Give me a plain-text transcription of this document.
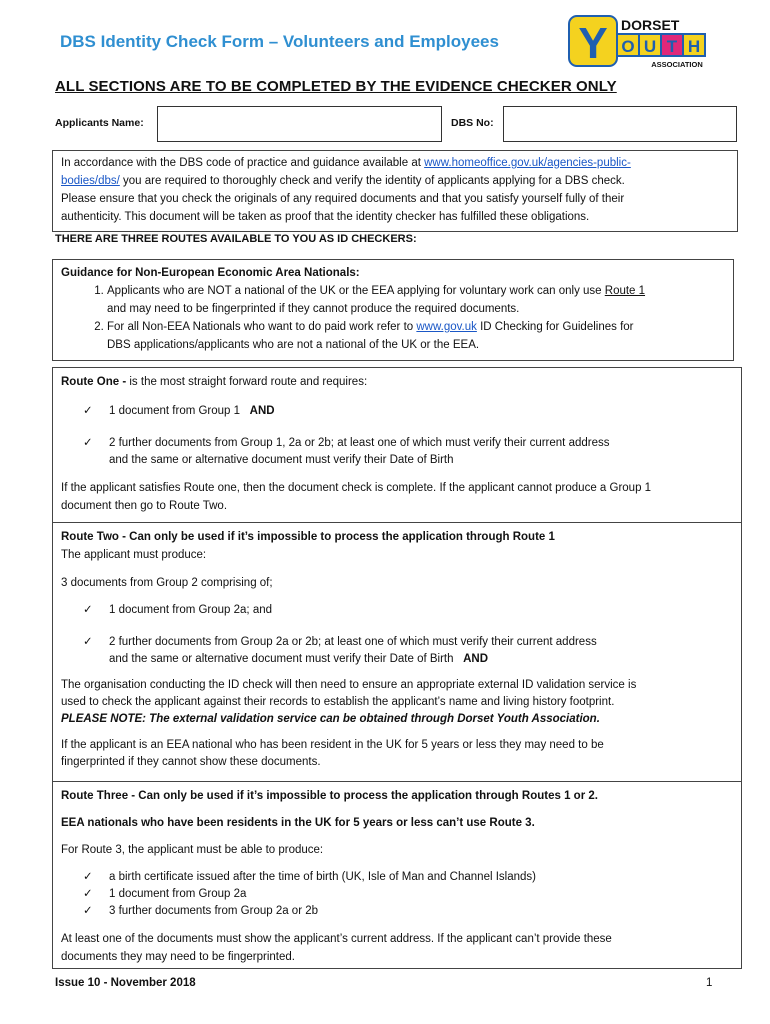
DBS Identity Check Form – Volunteers and Employees Y DORSET
O U T H
ASSOCIATION
ALL SECTIONS ARE TO BE COMPLETED BY THE EVIDENCE CHECKER ONLY
Applicants Name:	DBS No:

In accordance with the DBS code of practice and guidance available at www.homeoffice.gov.uk/agencies-public-

bodies/dbs/ you are required to thoroughly check and verify the identity of applicants applying for a DBS check.

Please ensure that you check the originals of any required documents and that you satisfy yourself fully of their

authenticity. This document will be taken as proof that the identity checker has fulfilled these obligations.

THERE ARE THREE ROUTES AVAILABLE TO YOU AS ID CHECKERS:

Guidance for Non-European Economic Area Nationals:

1. Applicants who are NOT a national of the UK or the EEA applying for voluntary work can only use Route 1
and may need to be fingerprinted if they cannot produce the required documents.
2. For all Non-EEA Nationals who want to do paid work refer to www.gov.uk ID Checking for Guidelines for
DBS applications/applicants who are not a national of the UK or the EEA.

Route One - is the most straight forward route and requires:

✓	1 document from Group 1 AND
✓	2 further documents from Group 1, 2a or 2b; at least one of which must verify their current address
and the same or alternative document must verify their Date of Birth

If the applicant satisfies Route one, then the document check is complete. If the applicant cannot produce a Group 1

document then go to Route Two.

Route Two - Can only be used if it’s impossible to process the application through Route 1

The applicant must produce:

3 documents from Group 2 comprising of;

✓	1 document from Group 2a; and
✓	2 further documents from Group 2a or 2b; at least one of which must verify their current address
and the same or alternative document must verify their Date of Birth AND

The organisation conducting the ID check will then need to ensure an appropriate external ID validation service is

used to check the applicant against their records to establish the applicant’s name and living history footprint.

PLEASE NOTE: The external validation service can be obtained through Dorset Youth Association.

If the applicant is an EEA national who has been resident in the UK for 5 years or less they may need to be

fingerprinted if they cannot show these documents.

Route Three - Can only be used if it’s impossible to process the application through Routes 1 or 2.

EEA nationals who have been residents in the UK for 5 years or less can’t use Route 3.

For Route 3, the applicant must be able to produce:

✓	a birth certificate issued after the time of birth (UK, Isle of Man and Channel Islands)
✓	1 document from Group 2a
✓	3 further documents from Group 2a or 2b

At least one of the documents must show the applicant’s current address. If the applicant can’t provide these

documents they may need to be fingerprinted.

Issue 10 - November 2018	1
